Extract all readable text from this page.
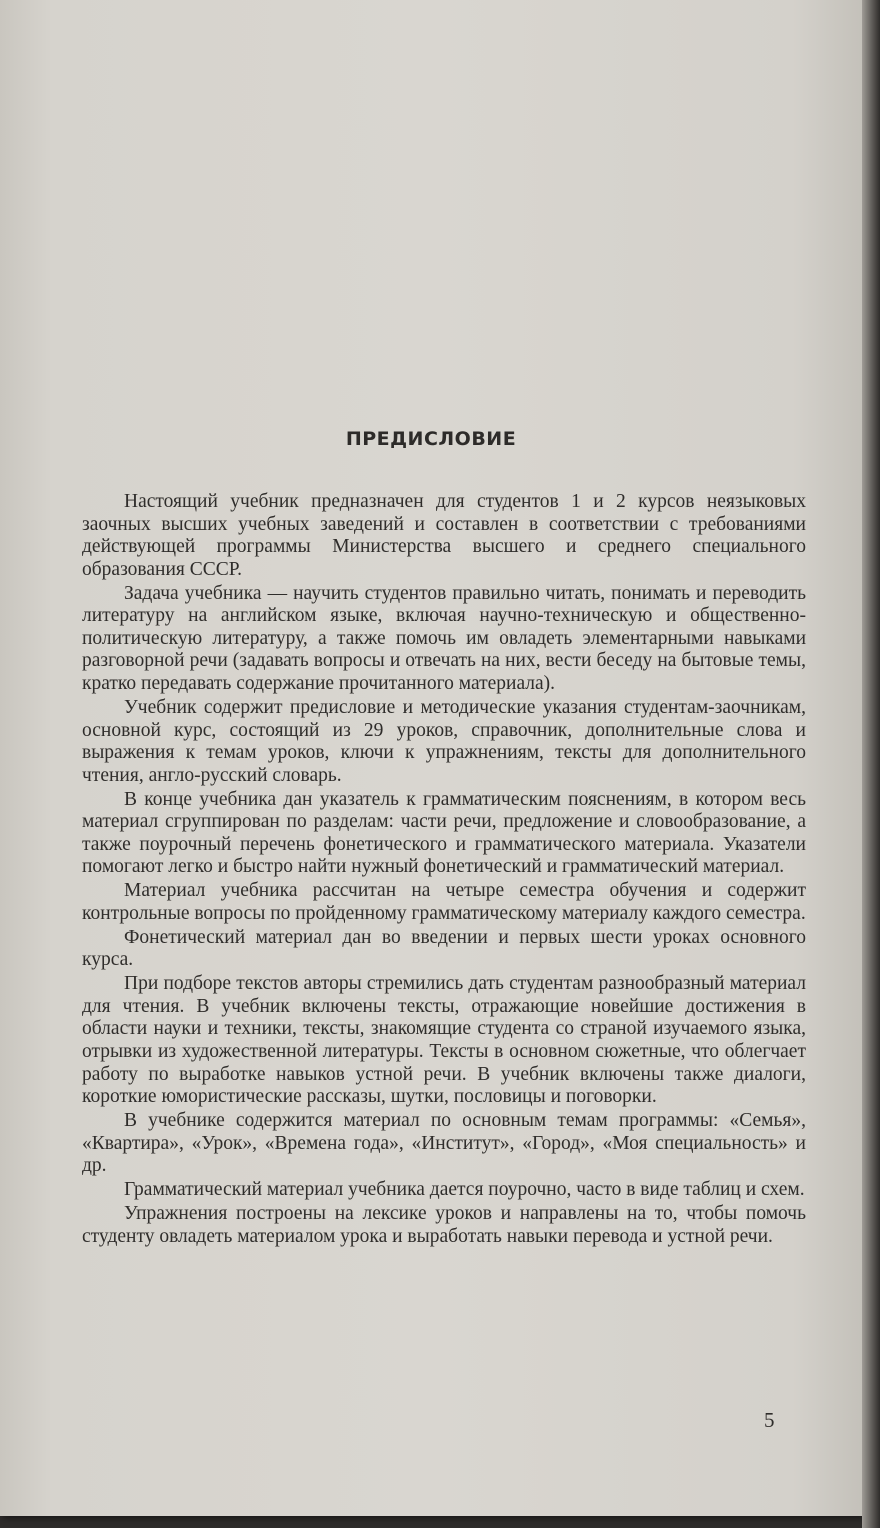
ПРЕДИСЛОВИЕ

Настоящий учебник предназначен для студентов 1 и 2 курсов неязыковых заочных высших учебных заведений и составлен в соответствии с требованиями действующей программы Министерства высшего и среднего специального образования СССР.

Задача учебника — научить студентов правильно читать, понимать и переводить литературу на английском языке, включая научно-техническую и общественно-политическую литературу, а также помочь им овладеть элементарными навыками разговорной речи (задавать вопросы и отвечать на них, вести беседу на бытовые темы, кратко передавать содержание прочитанного материала).

Учебник содержит предисловие и методические указания студентам-заочникам, основной курс, состоящий из 29 уроков, справочник, дополнительные слова и выражения к темам уроков, ключи к упражнениям, тексты для дополнительного чтения, англо-русский словарь.

В конце учебника дан указатель к грамматическим пояснениям, в котором весь материал сгруппирован по разделам: части речи, предложение и словообразование, а также поурочный перечень фонетического и грамматического материала. Указатели помогают легко и быстро найти нужный фонетический и грамматический материал.

Материал учебника рассчитан на четыре семестра обучения и содержит контрольные вопросы по пройденному грамматическому материалу каждого семестра.

Фонетический материал дан во введении и первых шести уроках основного курса.

При подборе текстов авторы стремились дать студентам разнообразный материал для чтения. В учебник включены тексты, отражающие новейшие достижения в области науки и техники, тексты, знакомящие студента со страной изучаемого языка, отрывки из художественной литературы. Тексты в основном сюжетные, что облегчает работу по выработке навыков устной речи. В учебник включены также диалоги, короткие юмористические рассказы, шутки, пословицы и поговорки.

В учебнике содержится материал по основным темам программы: «Семья», «Квартира», «Урок», «Времена года», «Институт», «Город», «Моя специальность» и др.

Грамматический материал учебника дается поурочно, часто в виде таблиц и схем.

Упражнения построены на лексике уроков и направлены на то, чтобы помочь студенту овладеть материалом урока и выработать навыки перевода и устной речи.

5
